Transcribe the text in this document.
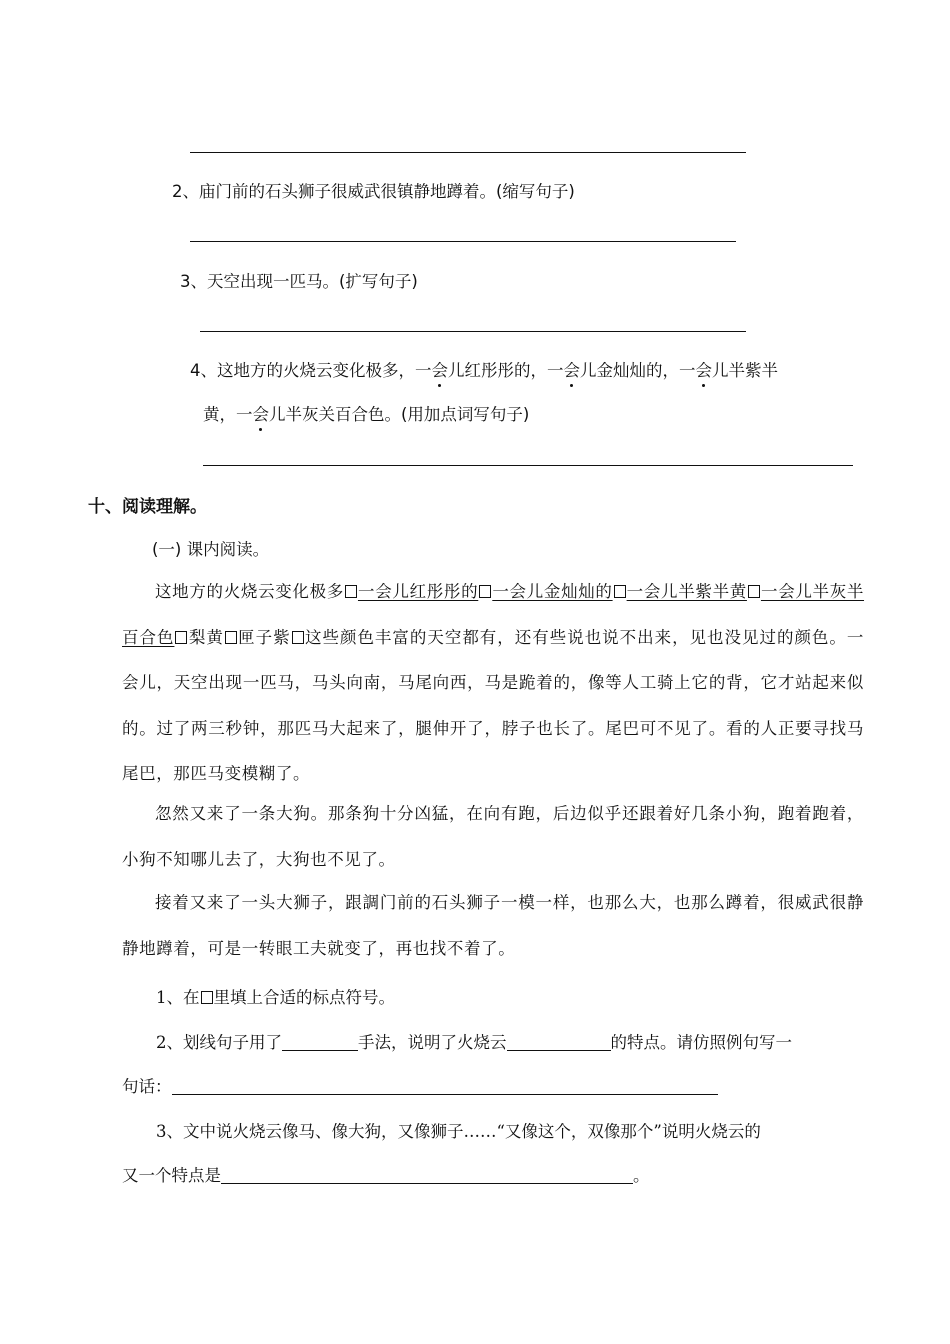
2、庙门前的石头狮子很威武很镇静地蹲着。(缩写句子)
3、天空出现一匹马。(扩写句子)
4、这地方的火烧云变化极多，一会儿红彤彤的，一会儿金灿灿的，一会儿半紫半
黄，一会儿半灰关百合色。(用加点词写句子)
十、阅读理解。
(一) 课内阅读。

这地方的火烧云变化极多 一会儿红彤彤的 一会儿金灿灿的 一会儿半紫半黄 一会儿半灰半百合色 梨黄 匣子紫 这些颜色丰富的天空都有，还有些说也说不出来，见也没见过的颜色。一会儿，天空出现一匹马，马头向南，马尾向西，马是跪着的，像等人工骑上它的背，它才站起来似的。过了两三秒钟，那匹马大起来了，腿伸开了，脖子也长了。尾巴可不见了。看的人正要寻找马尾巴，那匹马变模糊了。

忽然又来了一条大狗。那条狗十分凶猛，在向有跑，后边似乎还跟着好几条小狗，跑着跑着，小狗不知哪儿去了，大狗也不见了。

接着又来了一头大狮子，跟調门前的石头狮子一模一样，也那么大，也那么蹲着，很威武很静静地蹲着，可是一转眼工夫就变了，再也找不着了。

1、在 里填上合适的标点符号。
2、划线句子用了	手法，说明了火烧云	的特点。请仿照例句写一
句话：
3、文中说火烧云像马、像大狗，又像狮子……“又像这个，双像那个”说明火烧云的
又一个特点是	。
